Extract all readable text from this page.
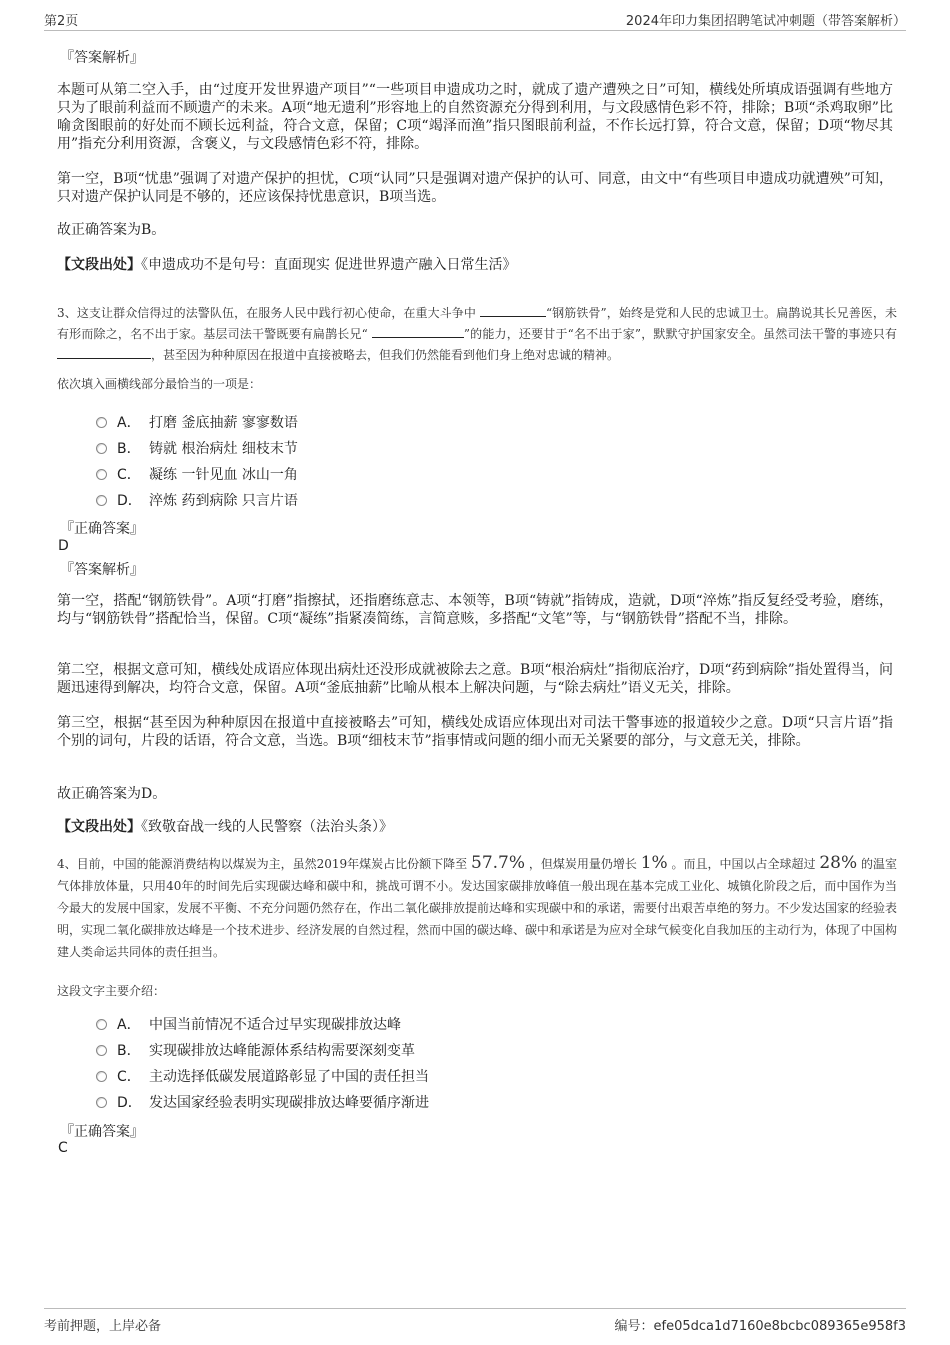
第2页	2024年印力集团招聘笔试冲刺题（带答案解析）
『答案解析』

本题可从第二空入手，由“过度开发世界遗产项目”“一些项目申遗成功之时，就成了遗产遭殃之日”可知，横线处所填成语强调有些地方只为了眼前利益而不顾遗产的未来。A项“地无遗利”形容地上的自然资源充分得到利用，与文段感情色彩不符，排除；B项“杀鸡取卵”比喻贪图眼前的好处而不顾长远利益，符合文意，保留；C项“竭泽而渔”指只图眼前利益，不作长远打算，符合文意，保留；D项“物尽其用”指充分利用资源，含褒义，与文段感情色彩不符，排除。

第一空，B项“忧患”强调了对遗产保护的担忧，C项“认同”只是强调对遗产保护的认可、同意，由文中“有些项目申遗成功就遭殃”可知，只对遗产保护认同是不够的，还应该保持忧患意识，B项当选。

故正确答案为B。

【文段出处】《申遗成功不是句号：直面现实 促进世界遗产融入日常生活》

3、这支让群众信得过的法警队伍，在服务人民中践行初心使命，在重大斗争中	“钢筋铁骨”，始终是党和人民的忠诚卫士。扁鹊说其长兄善医，未有形而除之，名不出于家。基层司法干警既要有扁鹊长兄“	”的能力，还要甘于“名不出于家”，默默守护国家安全。虽然司法干警的事迹只有 ，甚至因为种种原因在报道中直接被略去，但我们仍然能看到他们身上绝对忠诚的精神。

依次填入画横线部分最恰当的一项是：

A． 打磨 釜底抽薪 寥寥数语
B． 铸就 根治病灶 细枝末节
C． 凝练 一针见血 冰山一角
D． 淬炼 药到病除 只言片语
『正确答案』
D
『答案解析』

第一空，搭配“钢筋铁骨”。A项“打磨”指擦拭，还指磨练意志、本领等，B项“铸就”指铸成，造就，D项“淬炼”指反复经受考验，磨练，均与“钢筋铁骨”搭配恰当，保留。C项“凝练”指紧凑简练，言简意赅，多搭配“文笔”等，与“钢筋铁骨”搭配不当，排除。

第二空，根据文意可知，横线处成语应体现出病灶还没形成就被除去之意。B项“根治病灶”指彻底治疗，D项“药到病除”指处置得当，问题迅速得到解决，均符合文意，保留。A项“釜底抽薪”比喻从根本上解决问题，与“除去病灶”语义无关，排除。

第三空，根据“甚至因为种种原因在报道中直接被略去”可知，横线处成语应体现出对司法干警事迹的报道较少之意。D项“只言片语”指个别的词句，片段的话语，符合文意，当选。B项“细枝末节”指事情或问题的细小而无关紧要的部分，与文意无关，排除。

故正确答案为D。

【文段出处】《致敬奋战一线的人民警察（法治头条）》

4、目前，中国的能源消费结构以煤炭为主，虽然2019年煤炭占比份额下降至 57.7% ，但煤炭用量仍增长 1% 。而且，中国以占全球超过 28% 的温室气体排放体量，只用40年的时间先后实现碳达峰和碳中和，挑战可谓不小。发达国家碳排放峰值一般出现在基本完成工业化、城镇化阶段之后，而中国作为当今最大的发展中国家，发展不平衡、不充分问题仍然存在，作出二氧化碳排放提前达峰和实现碳中和的承诺，需要付出艰苦卓绝的努力。不少发达国家的经验表明，实现二氧化碳排放达峰是一个技术进步、经济发展的自然过程，然而中国的碳达峰、碳中和承诺是为应对全球气候变化自我加压的主动行为，体现了中国构建人类命运共同体的责任担当。

这段文字主要介绍：

A． 中国当前情况不适合过早实现碳排放达峰
B． 实现碳排放达峰能源体系结构需要深刻变革
C． 主动选择低碳发展道路彰显了中国的责任担当
D． 发达国家经验表明实现碳排放达峰要循序渐进
『正确答案』
C
考前押题，上岸必备	编号：efe05dca1d7160e8bcbc089365e958f3
